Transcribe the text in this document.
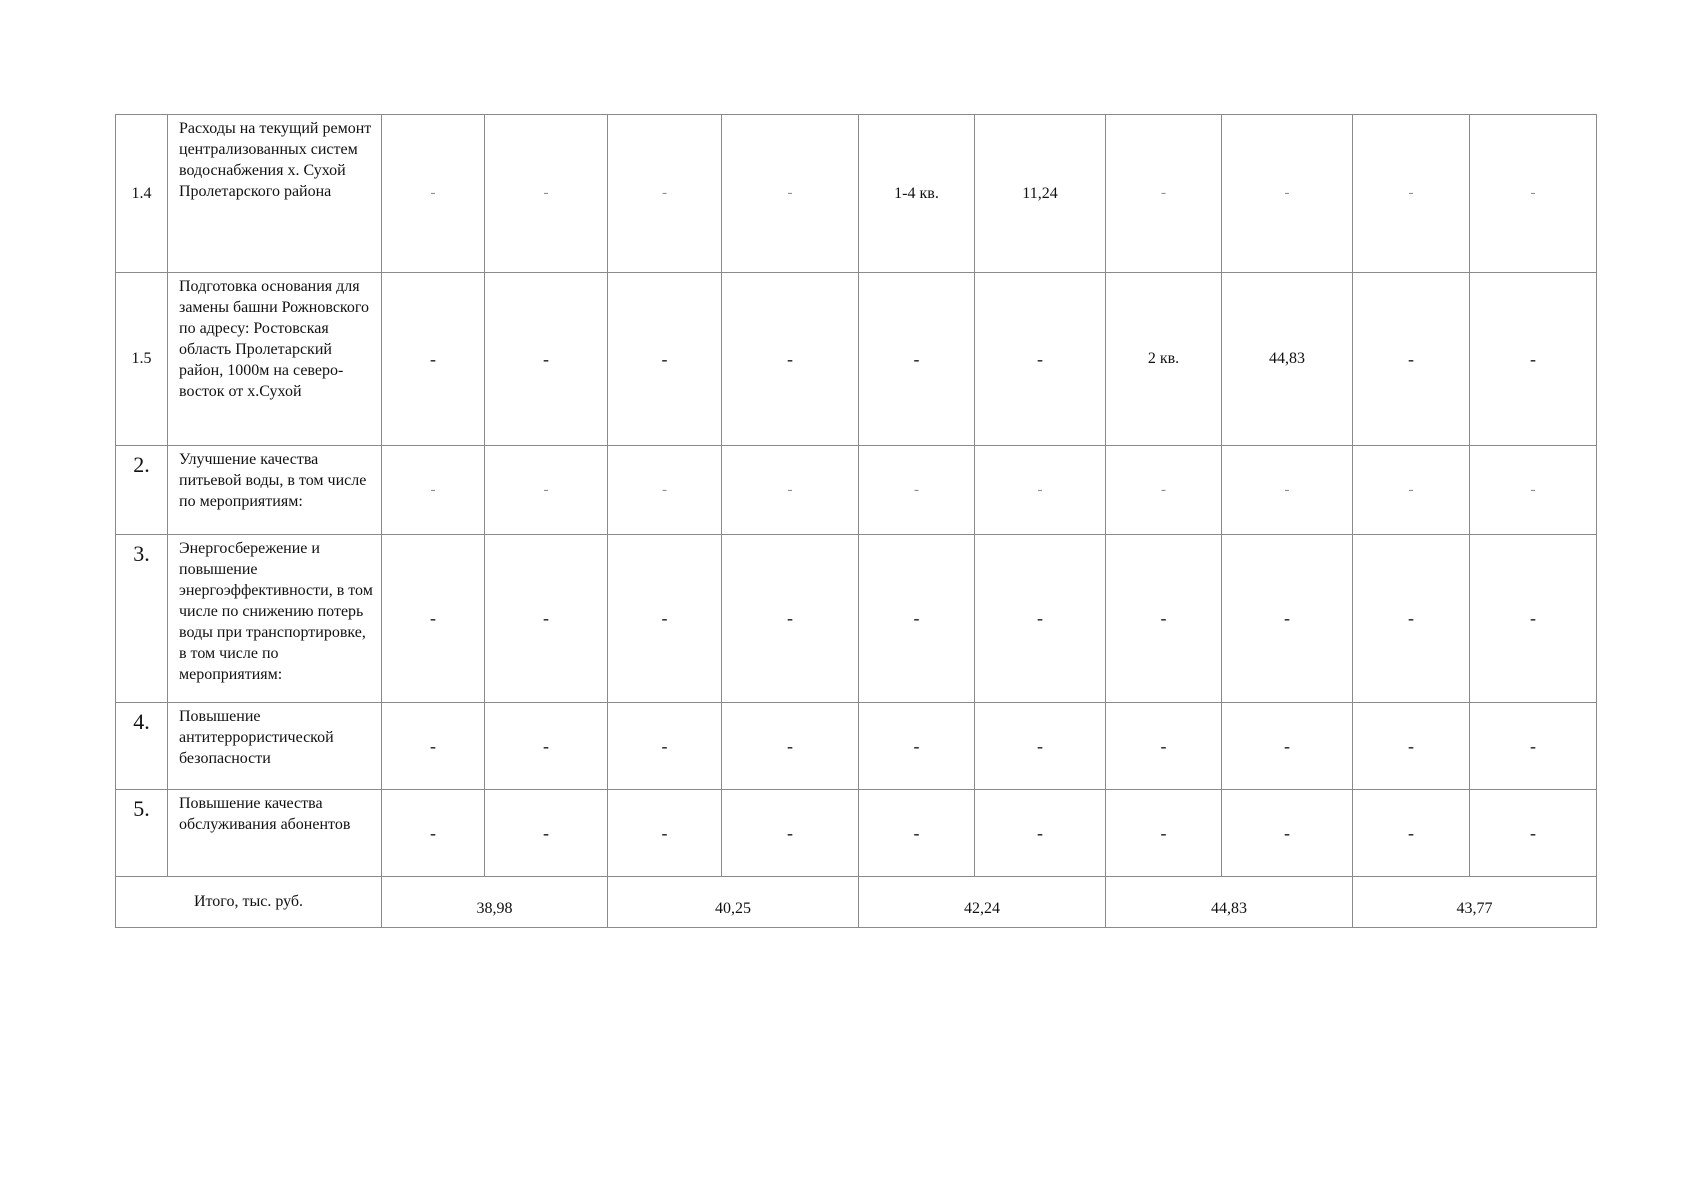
1.4	Расходы на текущий ремонт централизованных систем водоснабжения х. Сухой Пролетарского района	-	-	-	-	1-4 кв.	11,24	-	-	-	-
1.5	Подготовка основания для замены башни Рожновского по адресу: Ростовская область Пролетарский район, 1000м на северо-восток от х.Сухой	-	-	-	-	-	-	2 кв.	44,83	-	-
2.	Улучшение качества питьевой воды, в том числе по мероприятиям:	-	-	-	-	-	-	-	-	-	-
3.	Энергосбережение и повышение энергоэффективности, в том числе по снижению потерь воды при транспортировке, в том числе по мероприятиям:	-	-	-	-	-	-	-	-	-	-
4.	Повышение антитеррористической безопасности	-	-	-	-	-	-	-	-	-	-
5.	Повышение качества обслуживания абонентов	-	-	-	-	-	-	-	-	-	-
Итого, тыс. руб.		38,98		40,25		42,24		44,83		43,77	
